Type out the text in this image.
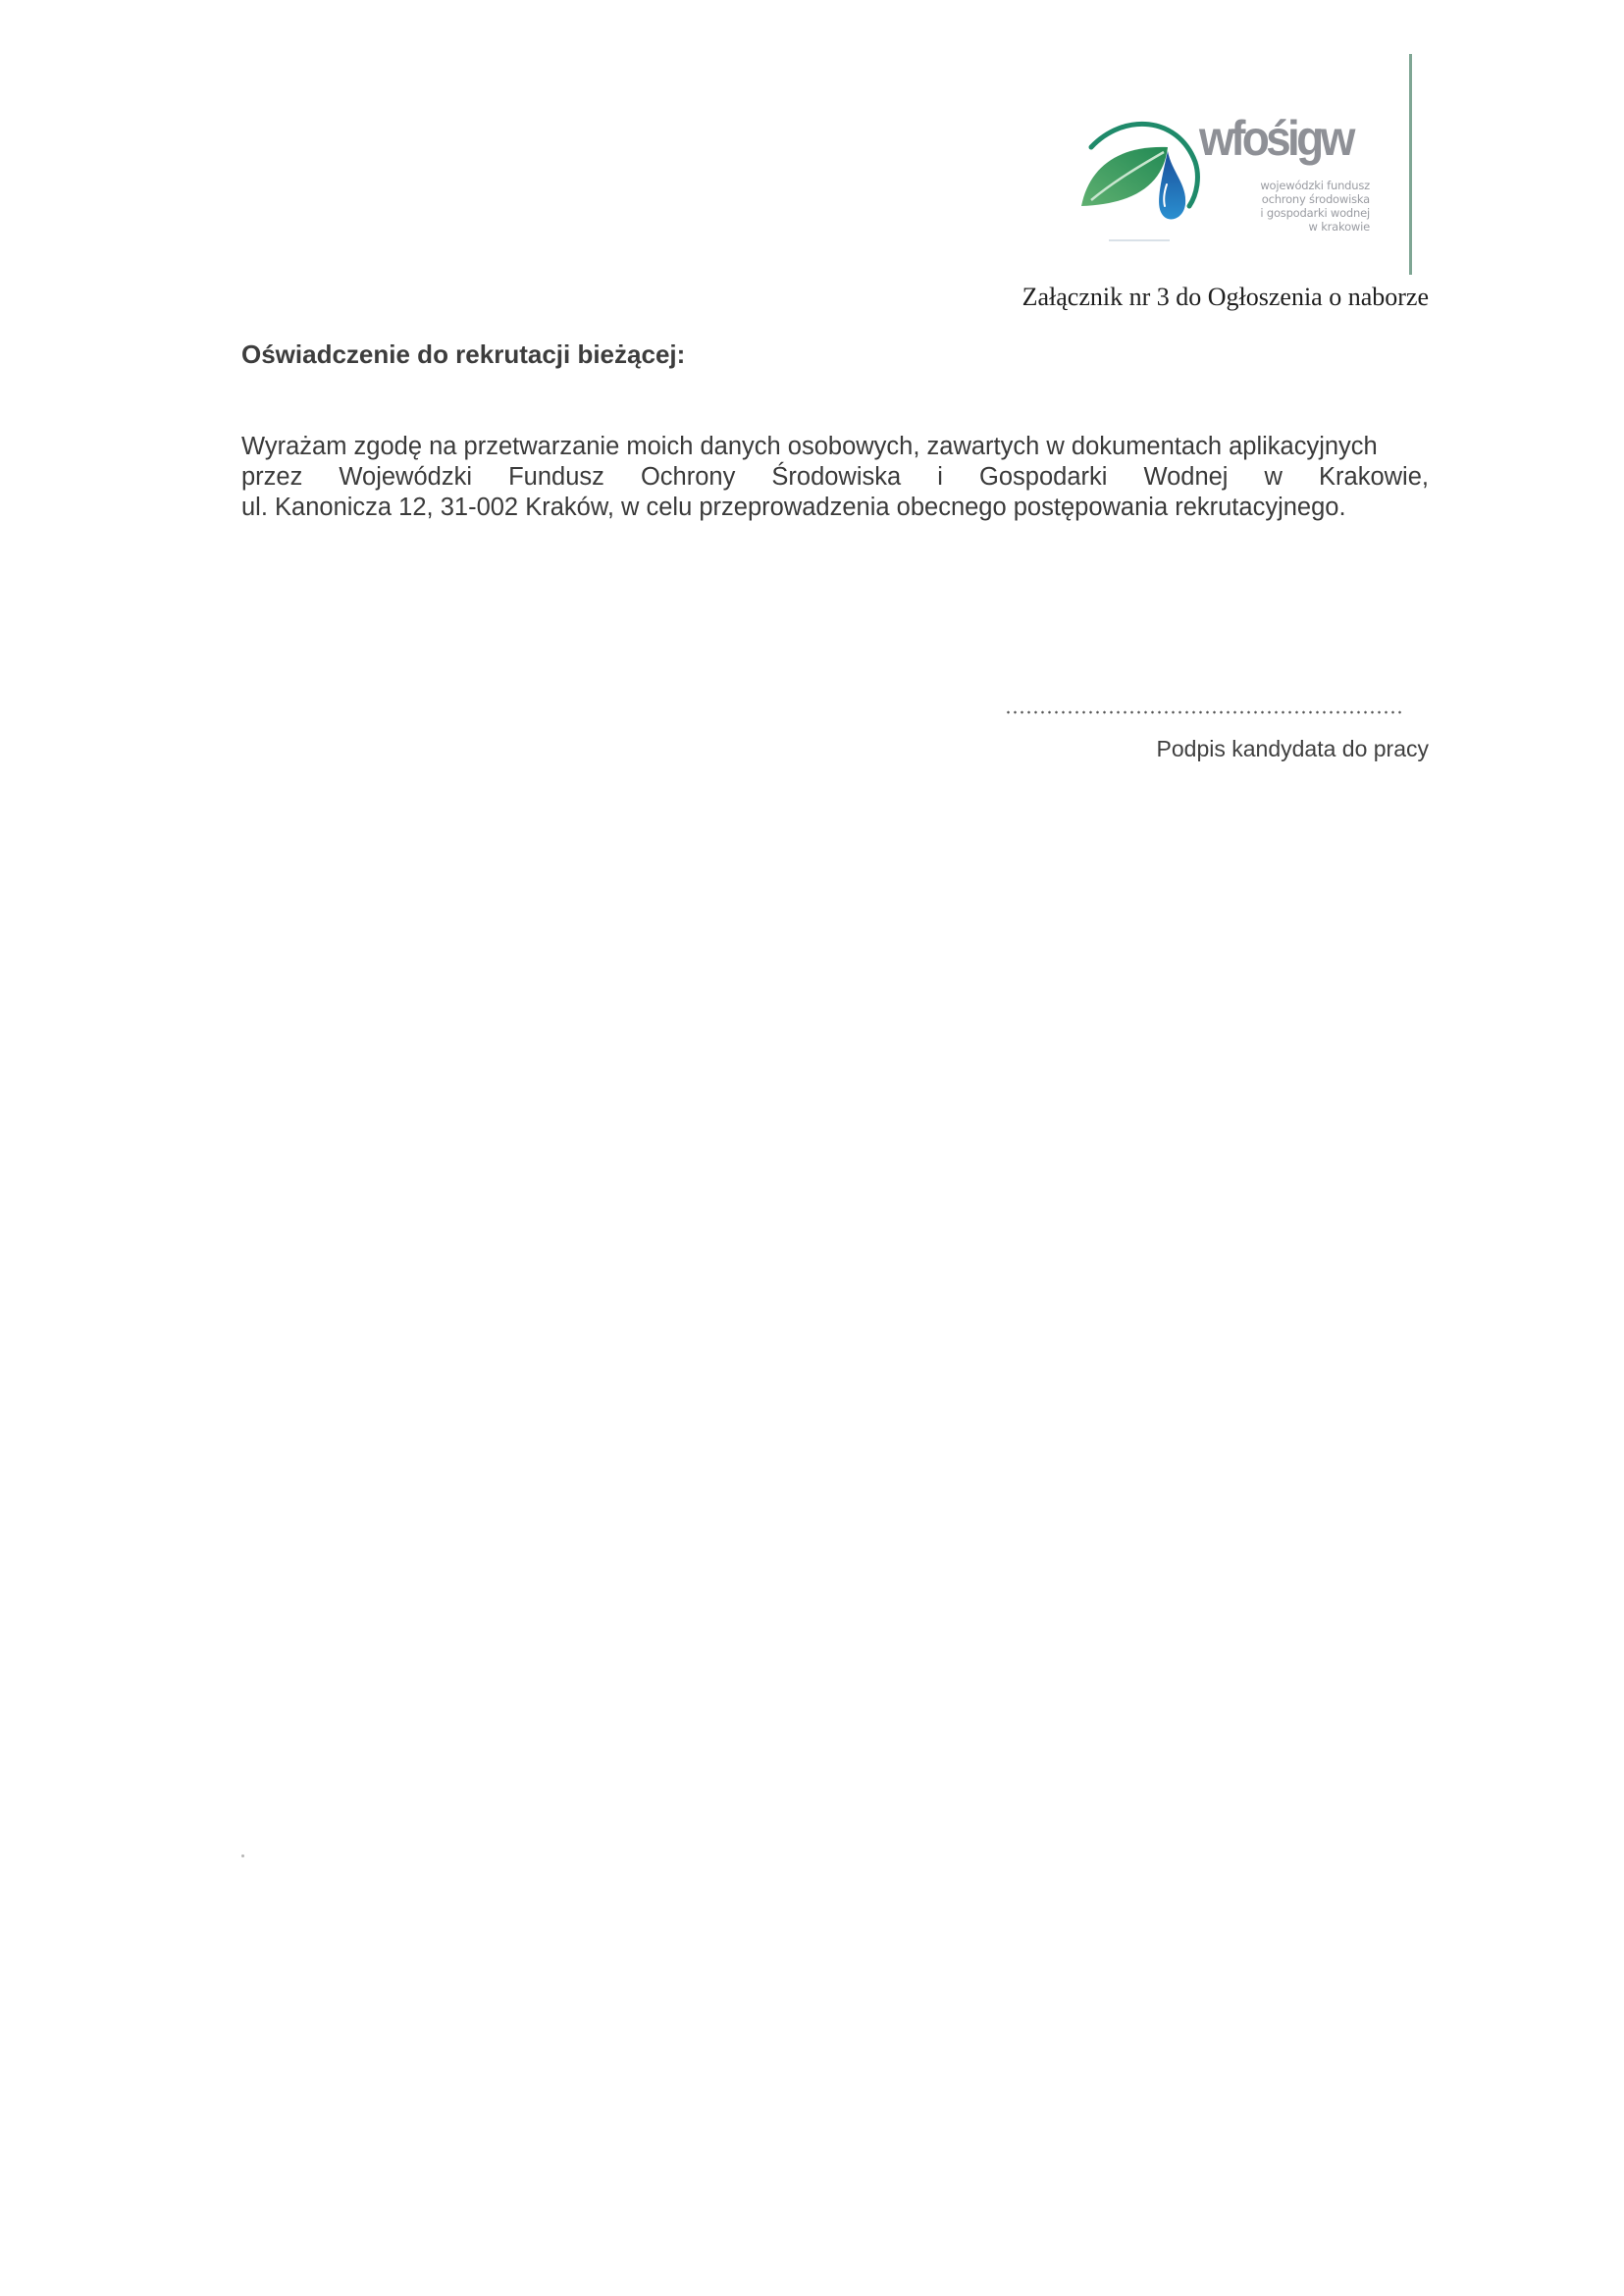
wfośigw
wojewódzki fundusz
ochrony środowiska
i gospodarki wodnej
w krakowie
Załącznik nr 3 do Ogłoszenia o naborze
Oświadczenie do rekrutacji bieżącej:
Wyrażam zgodę na przetwarzanie moich danych osobowych, zawartych w dokumentach aplikacyjnych
przez Wojewódzki Fundusz Ochrony Środowiska i Gospodarki Wodnej w Krakowie,
ul. Kanonicza 12, 31-002 Kraków, w celu przeprowadzenia obecnego postępowania rekrutacyjnego.
Podpis kandydata do pracy
